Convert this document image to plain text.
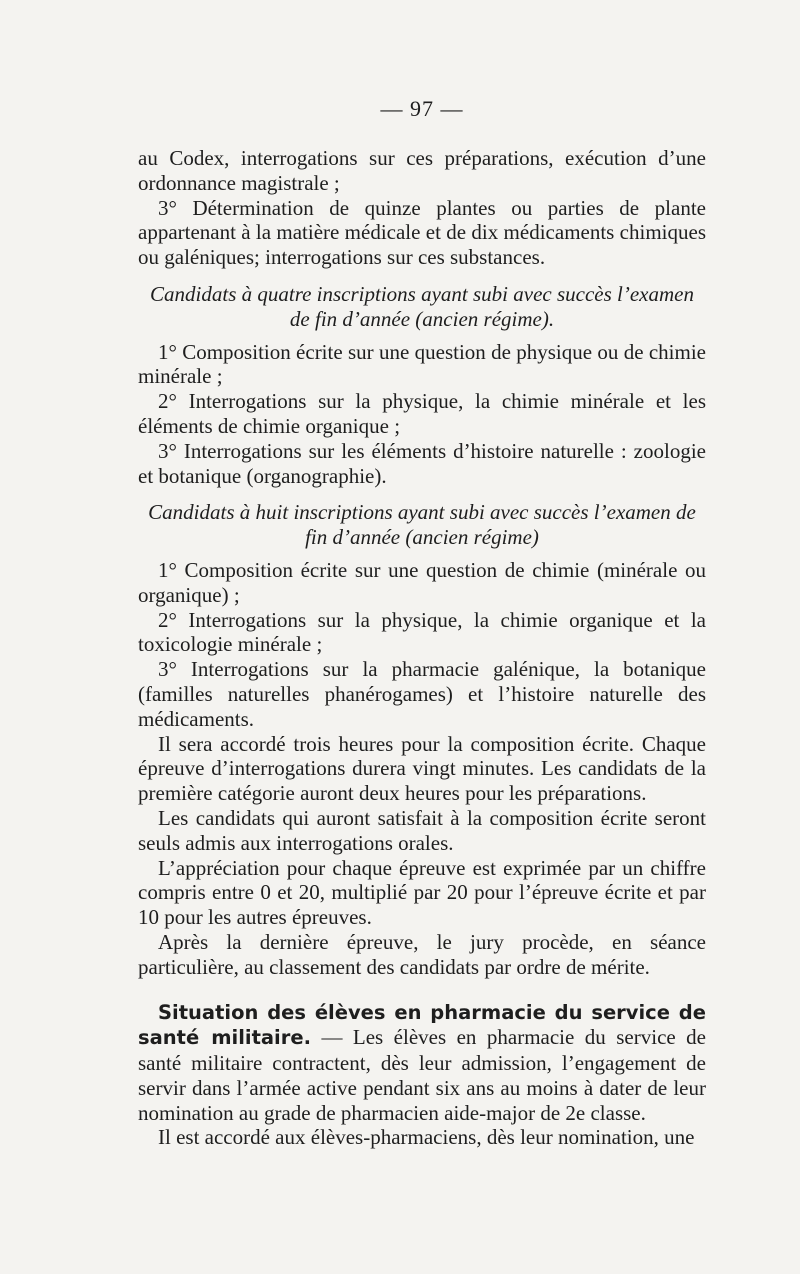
— 97 —

au Codex, interrogations sur ces préparations, exécution d’une ordonnance magistrale ;

3° Détermination de quinze plantes ou parties de plante appartenant à la matière médicale et de dix médicaments chimiques ou galéniques; interrogations sur ces substances.

Candidats à quatre inscriptions ayant subi avec succès l’examen de fin d’année (ancien régime).

1° Composition écrite sur une question de physique ou de chimie minérale ;

2° Interrogations sur la physique, la chimie minérale et les éléments de chimie organique ;

3° Interrogations sur les éléments d’histoire naturelle : zoologie et botanique (organographie).

Candidats à huit inscriptions ayant subi avec succès l’examen de fin d’année (ancien régime)

1° Composition écrite sur une question de chimie (minérale ou organique) ;

2° Interrogations sur la physique, la chimie organique et la toxicologie minérale ;

3° Interrogations sur la pharmacie galénique, la botanique (familles naturelles phanérogames) et l’histoire naturelle des médicaments.

Il sera accordé trois heures pour la composition écrite. Chaque épreuve d’interrogations durera vingt minutes. Les candidats de la première catégorie auront deux heures pour les préparations.

Les candidats qui auront satisfait à la composition écrite seront seuls admis aux interrogations orales.

L’appréciation pour chaque épreuve est exprimée par un chiffre compris entre 0 et 20, multiplié par 20 pour l’épreuve écrite et par 10 pour les autres épreuves.

Après la dernière épreuve, le jury procède, en séance particulière, au classement des candidats par ordre de mérite.

Situation des élèves en pharmacie du service de santé militaire. — Les élèves en pharmacie du service de santé militaire contractent, dès leur admission, l’engagement de servir dans l’armée active pendant six ans au moins à dater de leur nomination au grade de pharmacien aide-major de 2e classe.

Il est accordé aux élèves-pharmaciens, dès leur nomination, une
